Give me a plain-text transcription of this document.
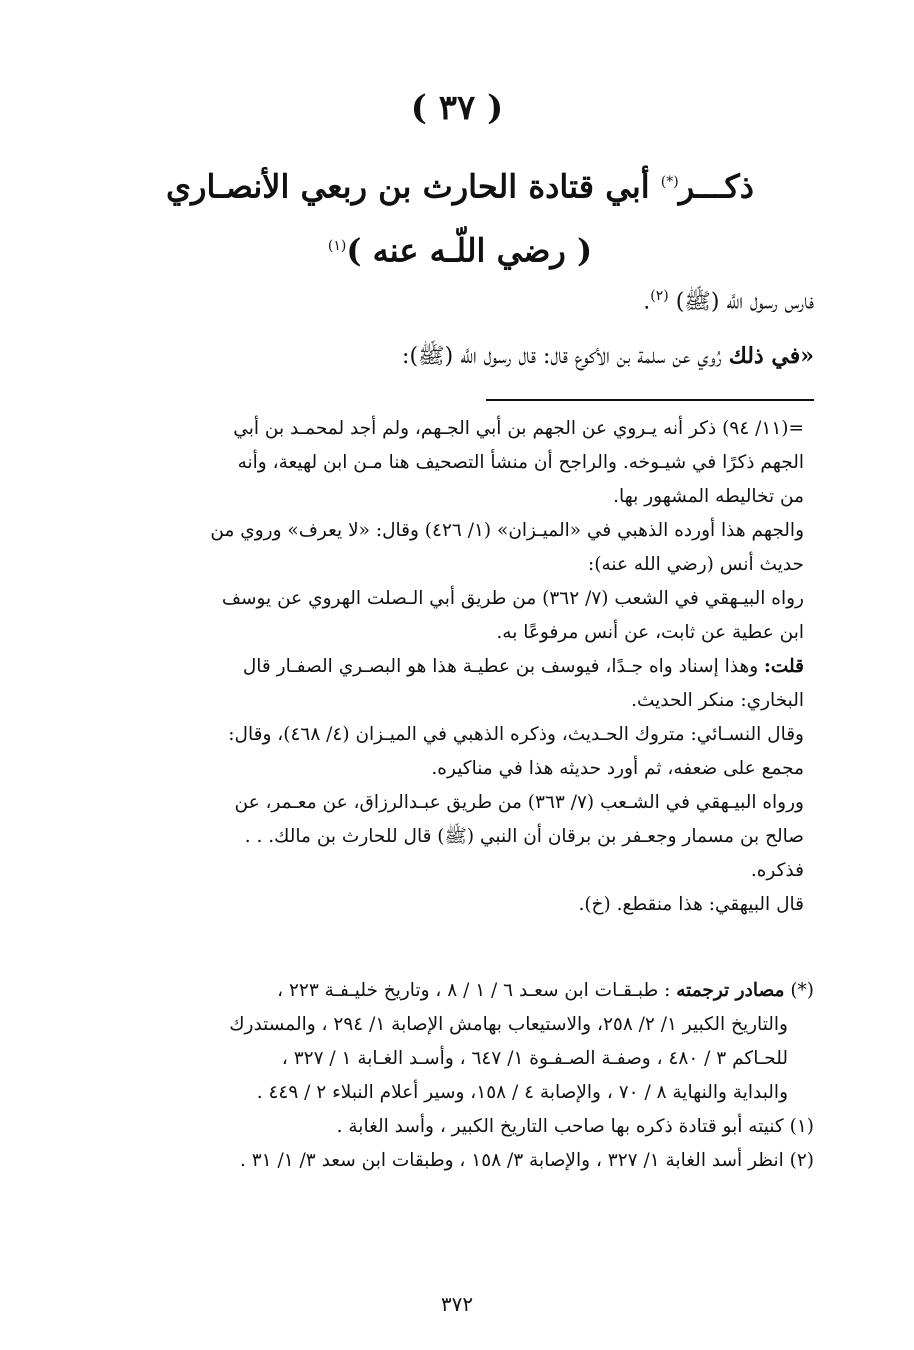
( ٣٧ )
ذكـــر(*) أبي قتادة الحارث بن ربعي الأنصـاري
( رضي اللّـه عنه )$^{(١)}$
فارس رسول اللَّه (ﷺ) $^{(٢)}$.
«في ذلك رُوي عن سلمة بن الأكوع قال: قال رسول اللَّه (ﷺ):
=(١١/ ٩٤) ذكر أنه يـروي عن الجهم بن أبي الجـهم، ولم أجد لمحمـد بن أبي
الجهم ذكرًا في شيـوخه. والراجح أن منشأ التصحيف هنا مـن ابن لهيعة، وأنه
من تخاليطه المشهور بها.
والجهم هذا أورده الذهبي في «الميـزان» (١/ ٤٢٦) وقال: «لا يعرف» وروي من
حديث أنس (رضي الله عنه):
رواه البيـهقي في الشعب (٧/ ٣٦٢) من طريق أبي الـصلت الهروي عن يوسف
ابن عطية عن ثابت، عن أنس مرفوعًا به.
قلت: وهذا إسناد واه جـدًا، فيوسف بن عطيـة هذا هو البصـري الصفـار قال
البخاري: منكر الحديث.
وقال النسـائي: متروك الحـديث، وذكره الذهبي في الميـزان (٤/ ٤٦٨)، وقال:
مجمع على ضعفه، ثم أورد حديثه هذا في مناكيره.
ورواه البيـهقي في الشـعب (٧/ ٣٦٣) من طريق عبـدالرزاق، عن معـمر، عن
صالح بن مسمار وجعـفر بن برقان أن النبي (ﷺ) قال للحارث بن مالك. . .
فذكره.
قال البيهقي: هذا منقطع. (خ).
(*) مصادر ترجمته : طبـقـات ابن سعـد ٦ / ١ / ٨ ، وتاريخ خليـفـة ٢٢٣ ،
والتاريخ الكبير ١/ ٢/ ٢٥٨، والاستيعاب بهامش الإصابة ١/ ٢٩٤ ، والمستدرك
للحـاكم ٣ / ٤٨٠ ، وصفـة الصـفـوة ١/ ٦٤٧ ، وأسـد الغـابة ١ / ٣٢٧ ،
والبداية والنهاية ٨ / ٧٠ ، والإصابة ٤ / ١٥٨، وسير أعلام النبلاء ٢ / ٤٤٩ .
(١) كنيته أبو قتادة ذكره بها صاحب التاريخ الكبير ، وأسد الغابة .
(٢) انظر أسد الغابة ١/ ٣٢٧ ، والإصابة ٣/ ١٥٨ ، وطبقات ابن سعد ٣/ ١/ ٣١ .
٣٧٢
